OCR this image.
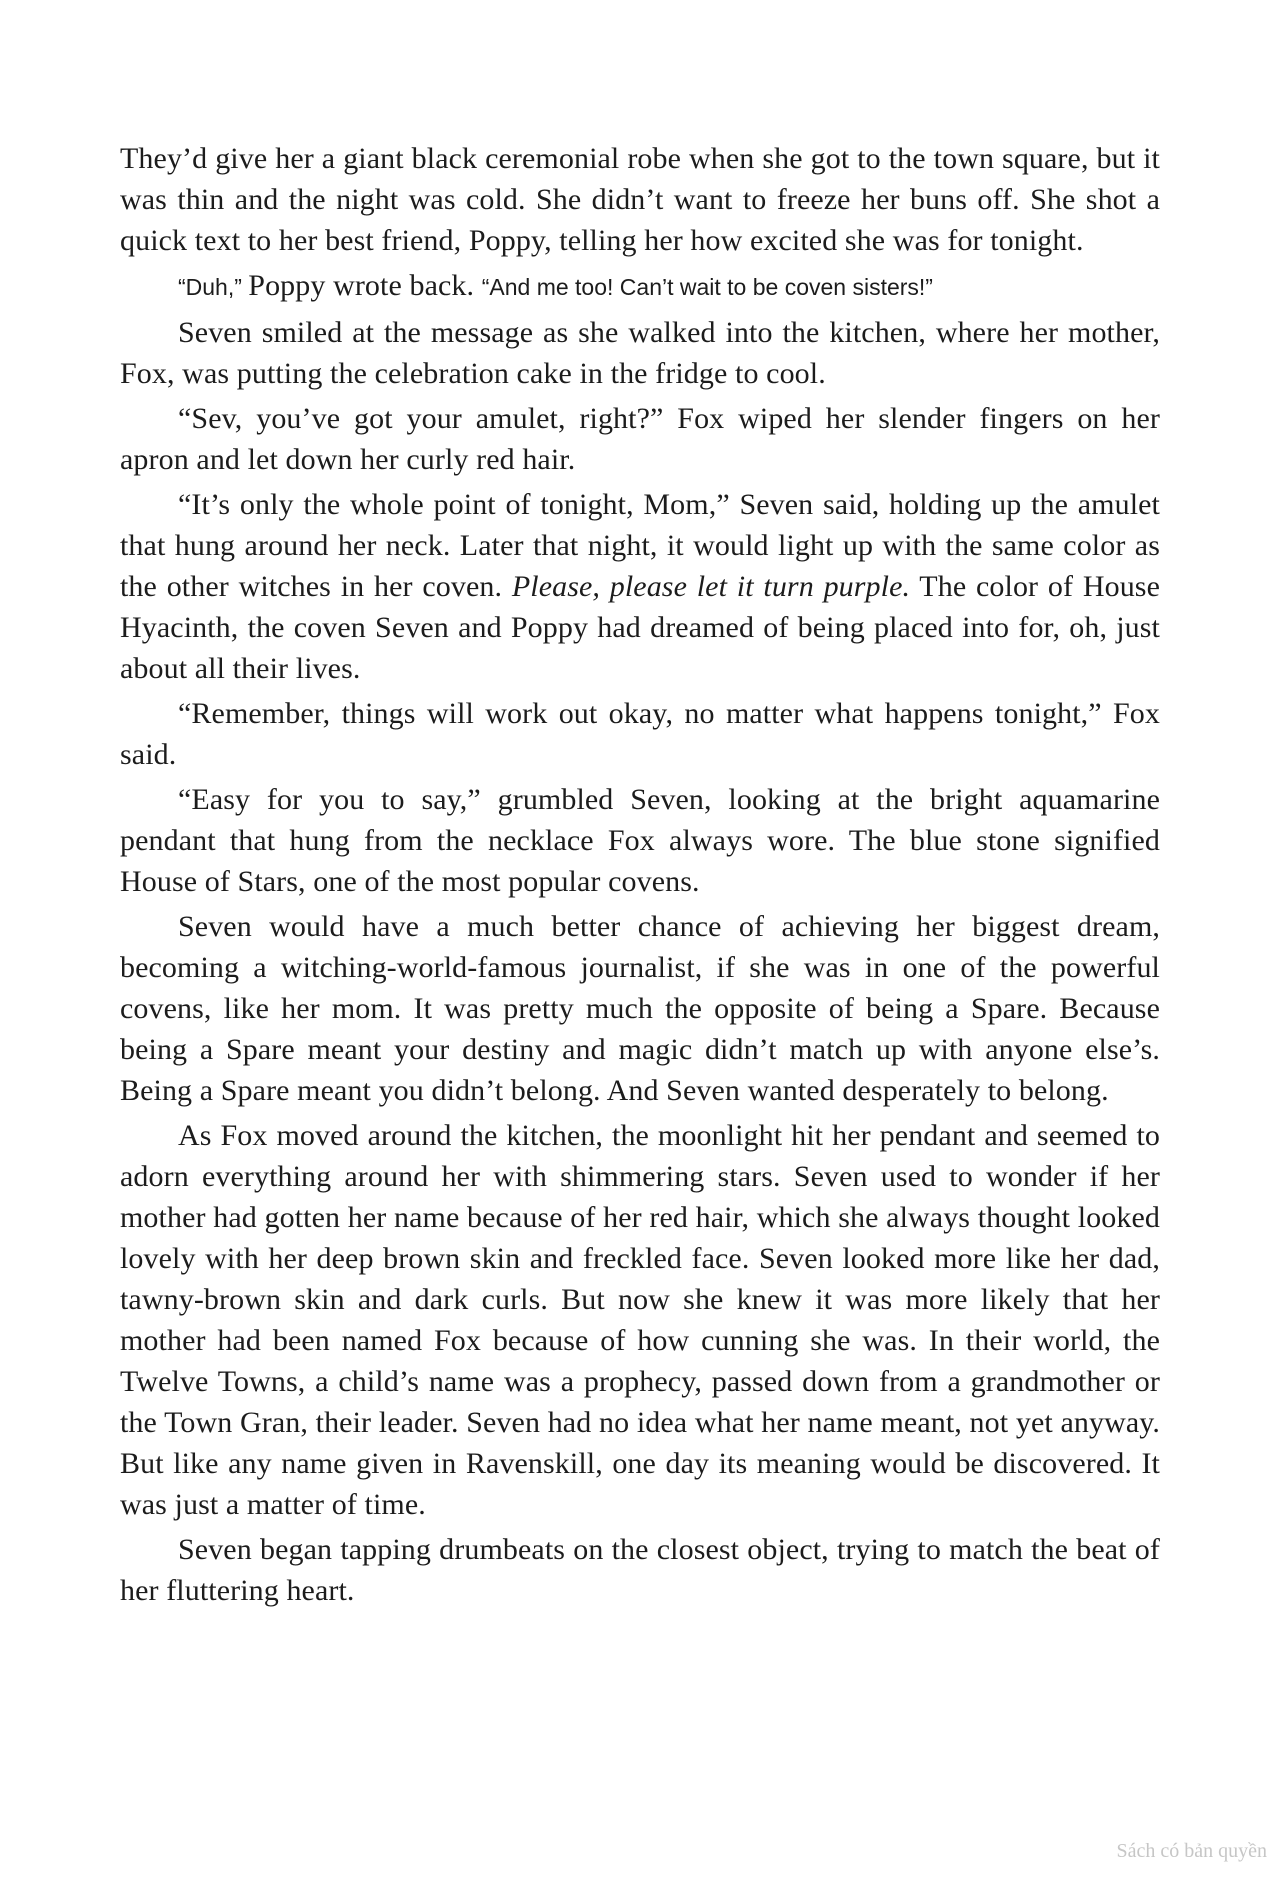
They’d give her a giant black ceremonial robe when she got to the town square, but it was thin and the night was cold. She didn’t want to freeze her buns off. She shot a quick text to her best friend, Poppy, telling her how excited she was for tonight.

“Duh,” Poppy wrote back. “And me too! Can’t wait to be coven sisters!”

Seven smiled at the message as she walked into the kitchen, where her mother, Fox, was putting the celebration cake in the fridge to cool.

“Sev, you’ve got your amulet, right?” Fox wiped her slender fingers on her apron and let down her curly red hair.

“It’s only the whole point of tonight, Mom,” Seven said, holding up the amulet that hung around her neck. Later that night, it would light up with the same color as the other witches in her coven. Please, please let it turn purple. The color of House Hyacinth, the coven Seven and Poppy had dreamed of being placed into for, oh, just about all their lives.

“Remember, things will work out okay, no matter what happens tonight,” Fox said.

“Easy for you to say,” grumbled Seven, looking at the bright aquamarine pendant that hung from the necklace Fox always wore. The blue stone signified House of Stars, one of the most popular covens.

Seven would have a much better chance of achieving her biggest dream, becoming a witching-world-famous journalist, if she was in one of the powerful covens, like her mom. It was pretty much the opposite of being a Spare. Because being a Spare meant your destiny and magic didn’t match up with anyone else’s. Being a Spare meant you didn’t belong. And Seven wanted desperately to belong.

As Fox moved around the kitchen, the moonlight hit her pendant and seemed to adorn everything around her with shimmering stars. Seven used to wonder if her mother had gotten her name because of her red hair, which she always thought looked lovely with her deep brown skin and freckled face. Seven looked more like her dad, tawny-brown skin and dark curls. But now she knew it was more likely that her mother had been named Fox because of how cunning she was. In their world, the Twelve Towns, a child’s name was a prophecy, passed down from a grandmother or the Town Gran, their leader. Seven had no idea what her name meant, not yet anyway. But like any name given in Ravenskill, one day its meaning would be discovered. It was just a matter of time.

Seven began tapping drumbeats on the closest object, trying to match the beat of her fluttering heart.

Sách có bản quyền
